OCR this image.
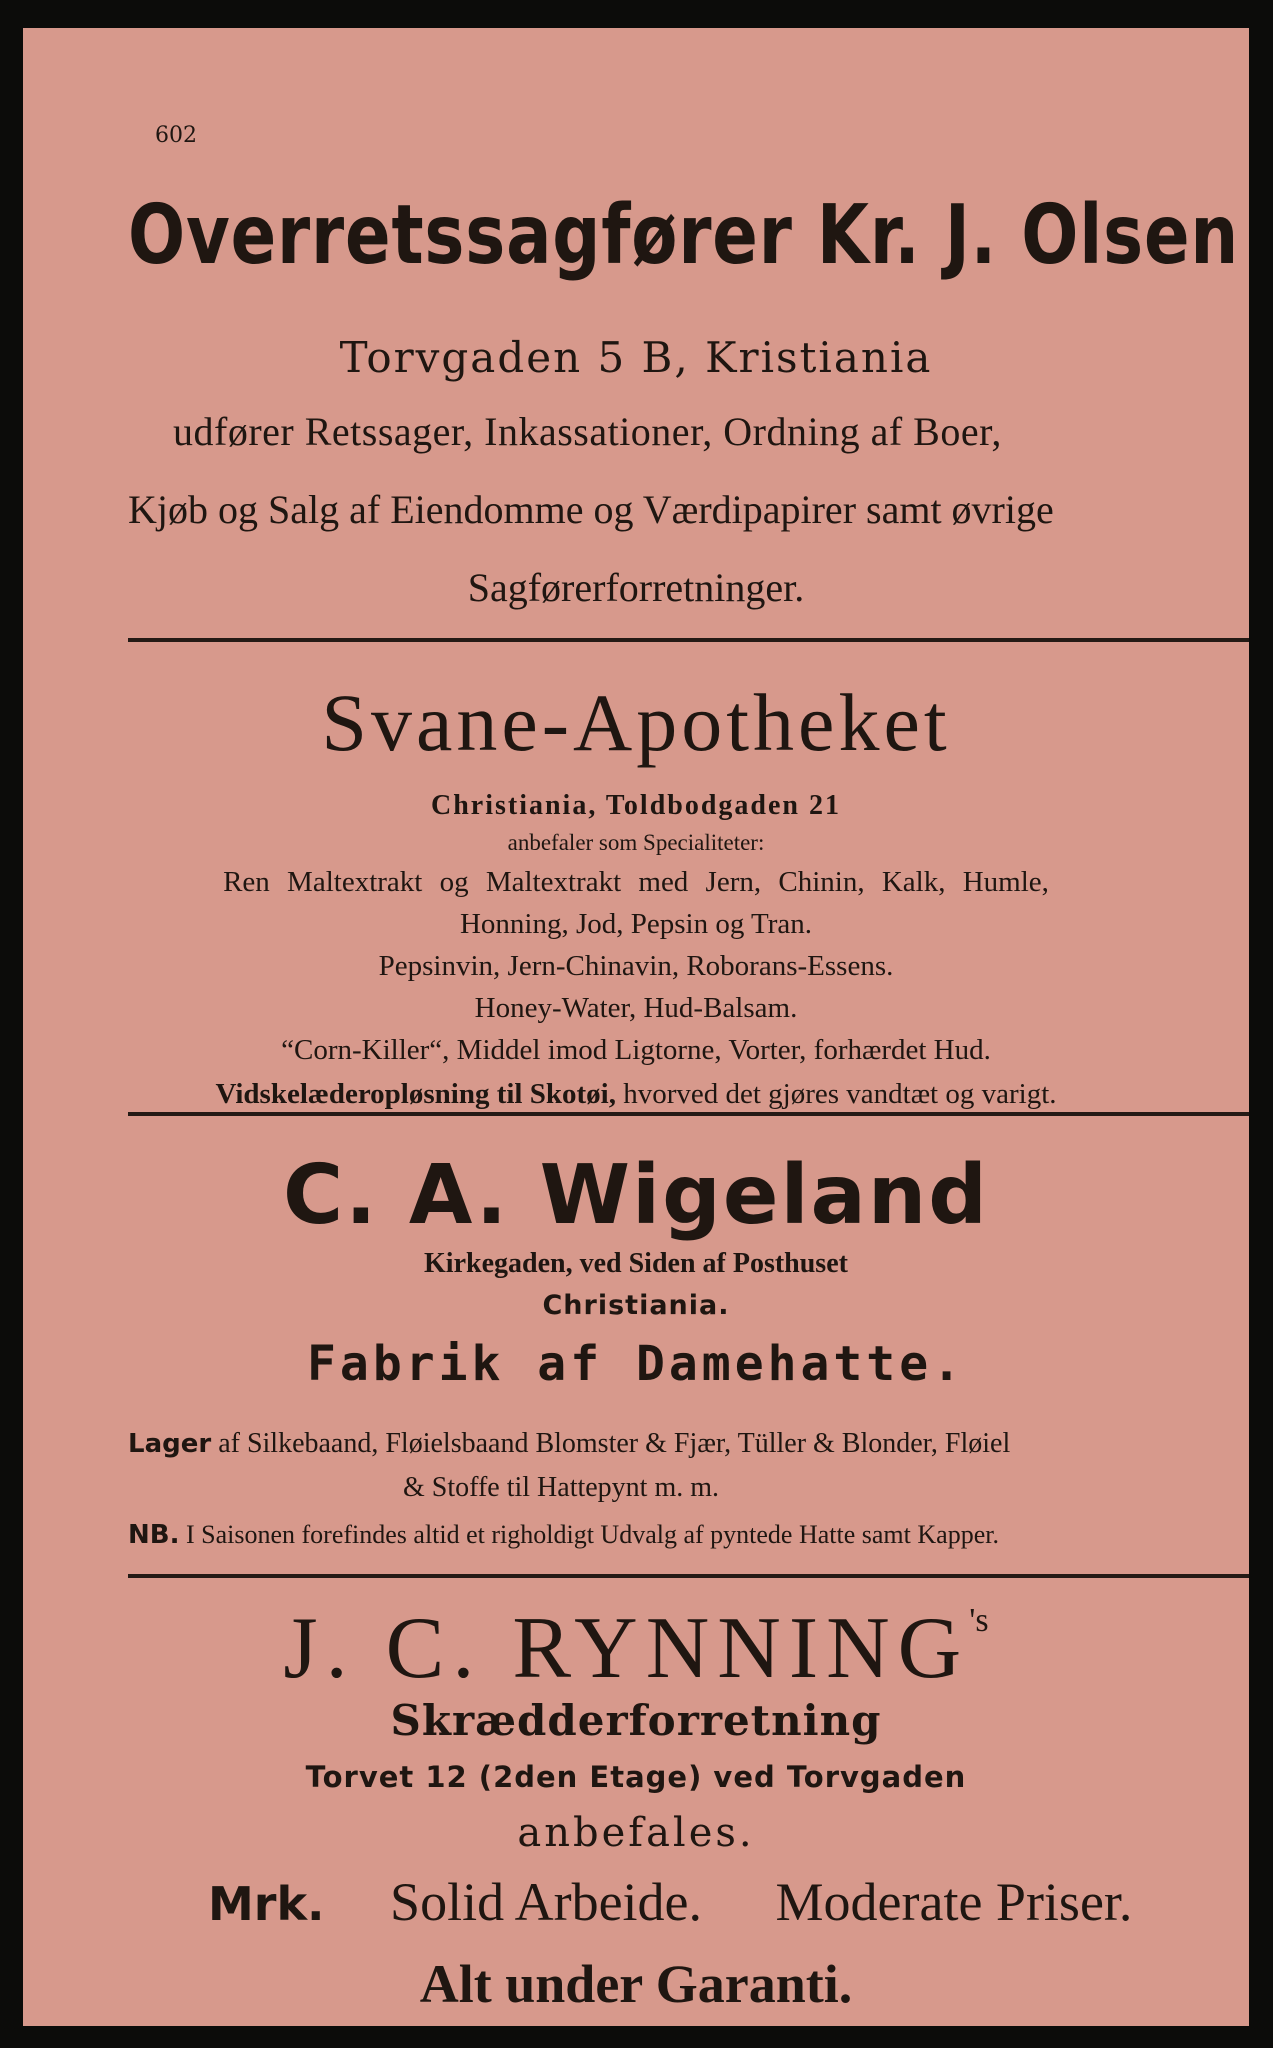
602
Overretssagfører Kr. J. Olsen
Torvgaden 5 B, Kristiania
udfører Retssager, Inkassationer, Ordning af Boer,
Kjøb og Salg af Eiendomme og Værdipapirer samt øvrige
Sagførerforretninger.
Svane-Apotheket
Christiania, Toldbodgaden 21
anbefaler som Specialiteter:
Ren Maltextrakt og Maltextrakt med Jern, Chinin, Kalk, Humle,
Honning, Jod, Pepsin og Tran.
Pepsinvin, Jern-Chinavin, Roborans-Essens.
Honey-Water, Hud-Balsam.
“Corn-Killer“, Middel imod Ligtorne, Vorter, forhærdet Hud.
Vidskelæderopløsning til Skotøi, hvorved det gjøres vandtæt og varigt.
C. A. Wigeland
Kirkegaden, ved Siden af Posthuset
Christiania.
Fabrik af Damehatte.
Lager af Silkebaand, Fløielsbaand Blomster & Fjær, Tüller & Blonder, Fløiel
& Stoffe til Hattepynt m. m.
NB. I Saisonen forefindes altid et righoldigt Udvalg af pyntede Hatte samt Kapper.
J. C. $RYNNING^{'s}$
Skrædderforretning
Torvet 12 (2den Etage) ved Torvgaden
anbefales.
Mrk. Solid Arbeide. Moderate Priser.
Alt under Garanti.
